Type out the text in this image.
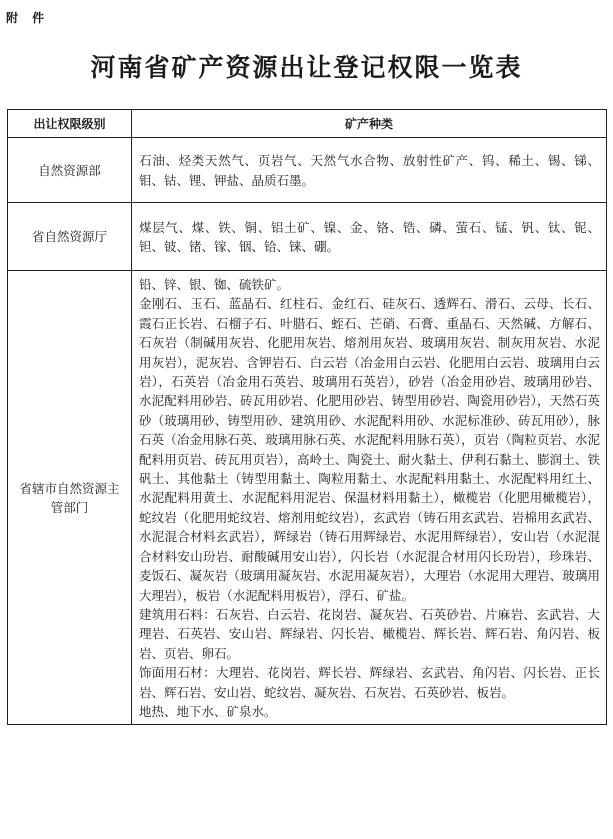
附 件
河南省矿产资源出让登记权限一览表
出让权限级别	矿产种类
自然资源部	石油、烃类天然气、页岩气、天然气水合物、放射性矿产、钨、稀土、锡、锑、钼、钴、锂、钾盐、晶质石墨。

省自然资源厅	煤层气、煤、铁、铜、铝土矿、镍、金、铬、锆、磷、萤石、锰、钒、钛、铌、钽、铍、锗、镓、铟、铪、铼、硼。

省辖市自然资源主管部门	铅、锌、银、铷、硫铁矿。

金刚石、玉石、蓝晶石、红柱石、金红石、硅灰石、透辉石、滑石、云母、长石、霞石正长岩、石榴子石、叶腊石、蛭石、芒硝、石膏、重晶石、天然碱、方解石、石灰岩（制碱用灰岩、化肥用灰岩、熔剂用灰岩、玻璃用灰岩、制灰用灰岩、水泥用灰岩），泥灰岩、含钾岩石、白云岩（冶金用白云岩、化肥用白云岩、玻璃用白云岩），石英岩（冶金用石英岩、玻璃用石英岩），砂岩（冶金用砂岩、玻璃用砂岩、水泥配料用砂岩、砖瓦用砂岩、化肥用砂岩、铸型用砂岩、陶瓷用砂岩），天然石英砂（玻璃用砂、铸型用砂、建筑用砂、水泥配料用砂、水泥标准砂、砖瓦用砂），脉石英（冶金用脉石英、玻璃用脉石英、水泥配料用脉石英），页岩（陶粒页岩、水泥配料用页岩、砖瓦用页岩），高岭土、陶瓷土、耐火黏土、伊利石黏土、膨润土、铁矾土、其他黏土（铸型用黏土、陶粒用黏土、水泥配料用黏土、水泥配料用红土、水泥配料用黄土、水泥配料用泥岩、保温材料用黏土），橄榄岩（化肥用橄榄岩），蛇纹岩（化肥用蛇纹岩、熔剂用蛇纹岩），玄武岩（铸石用玄武岩、岩棉用玄武岩、水泥混合材料玄武岩），辉绿岩（铸石用辉绿岩、水泥用辉绿岩），安山岩（水泥混合材料安山玢岩、耐酸碱用安山岩），闪长岩（水泥混合材用闪长玢岩），珍珠岩、麦饭石、凝灰岩（玻璃用凝灰岩、水泥用凝灰岩），大理岩（水泥用大理岩、玻璃用大理岩），板岩（水泥配料用板岩），浮石、矿盐。

建筑用石料：石灰岩、白云岩、花岗岩、凝灰岩、石英砂岩、片麻岩、玄武岩、大理岩、石英岩、安山岩、辉绿岩、闪长岩、橄榄岩、辉长岩、辉石岩、角闪岩、板岩、页岩、卵石。

饰面用石材：大理岩、花岗岩、辉长岩、辉绿岩、玄武岩、角闪岩、闪长岩、正长岩、辉石岩、安山岩、蛇纹岩、凝灰岩、石灰岩、石英砂岩、板岩。

地热、地下水、矿泉水。
